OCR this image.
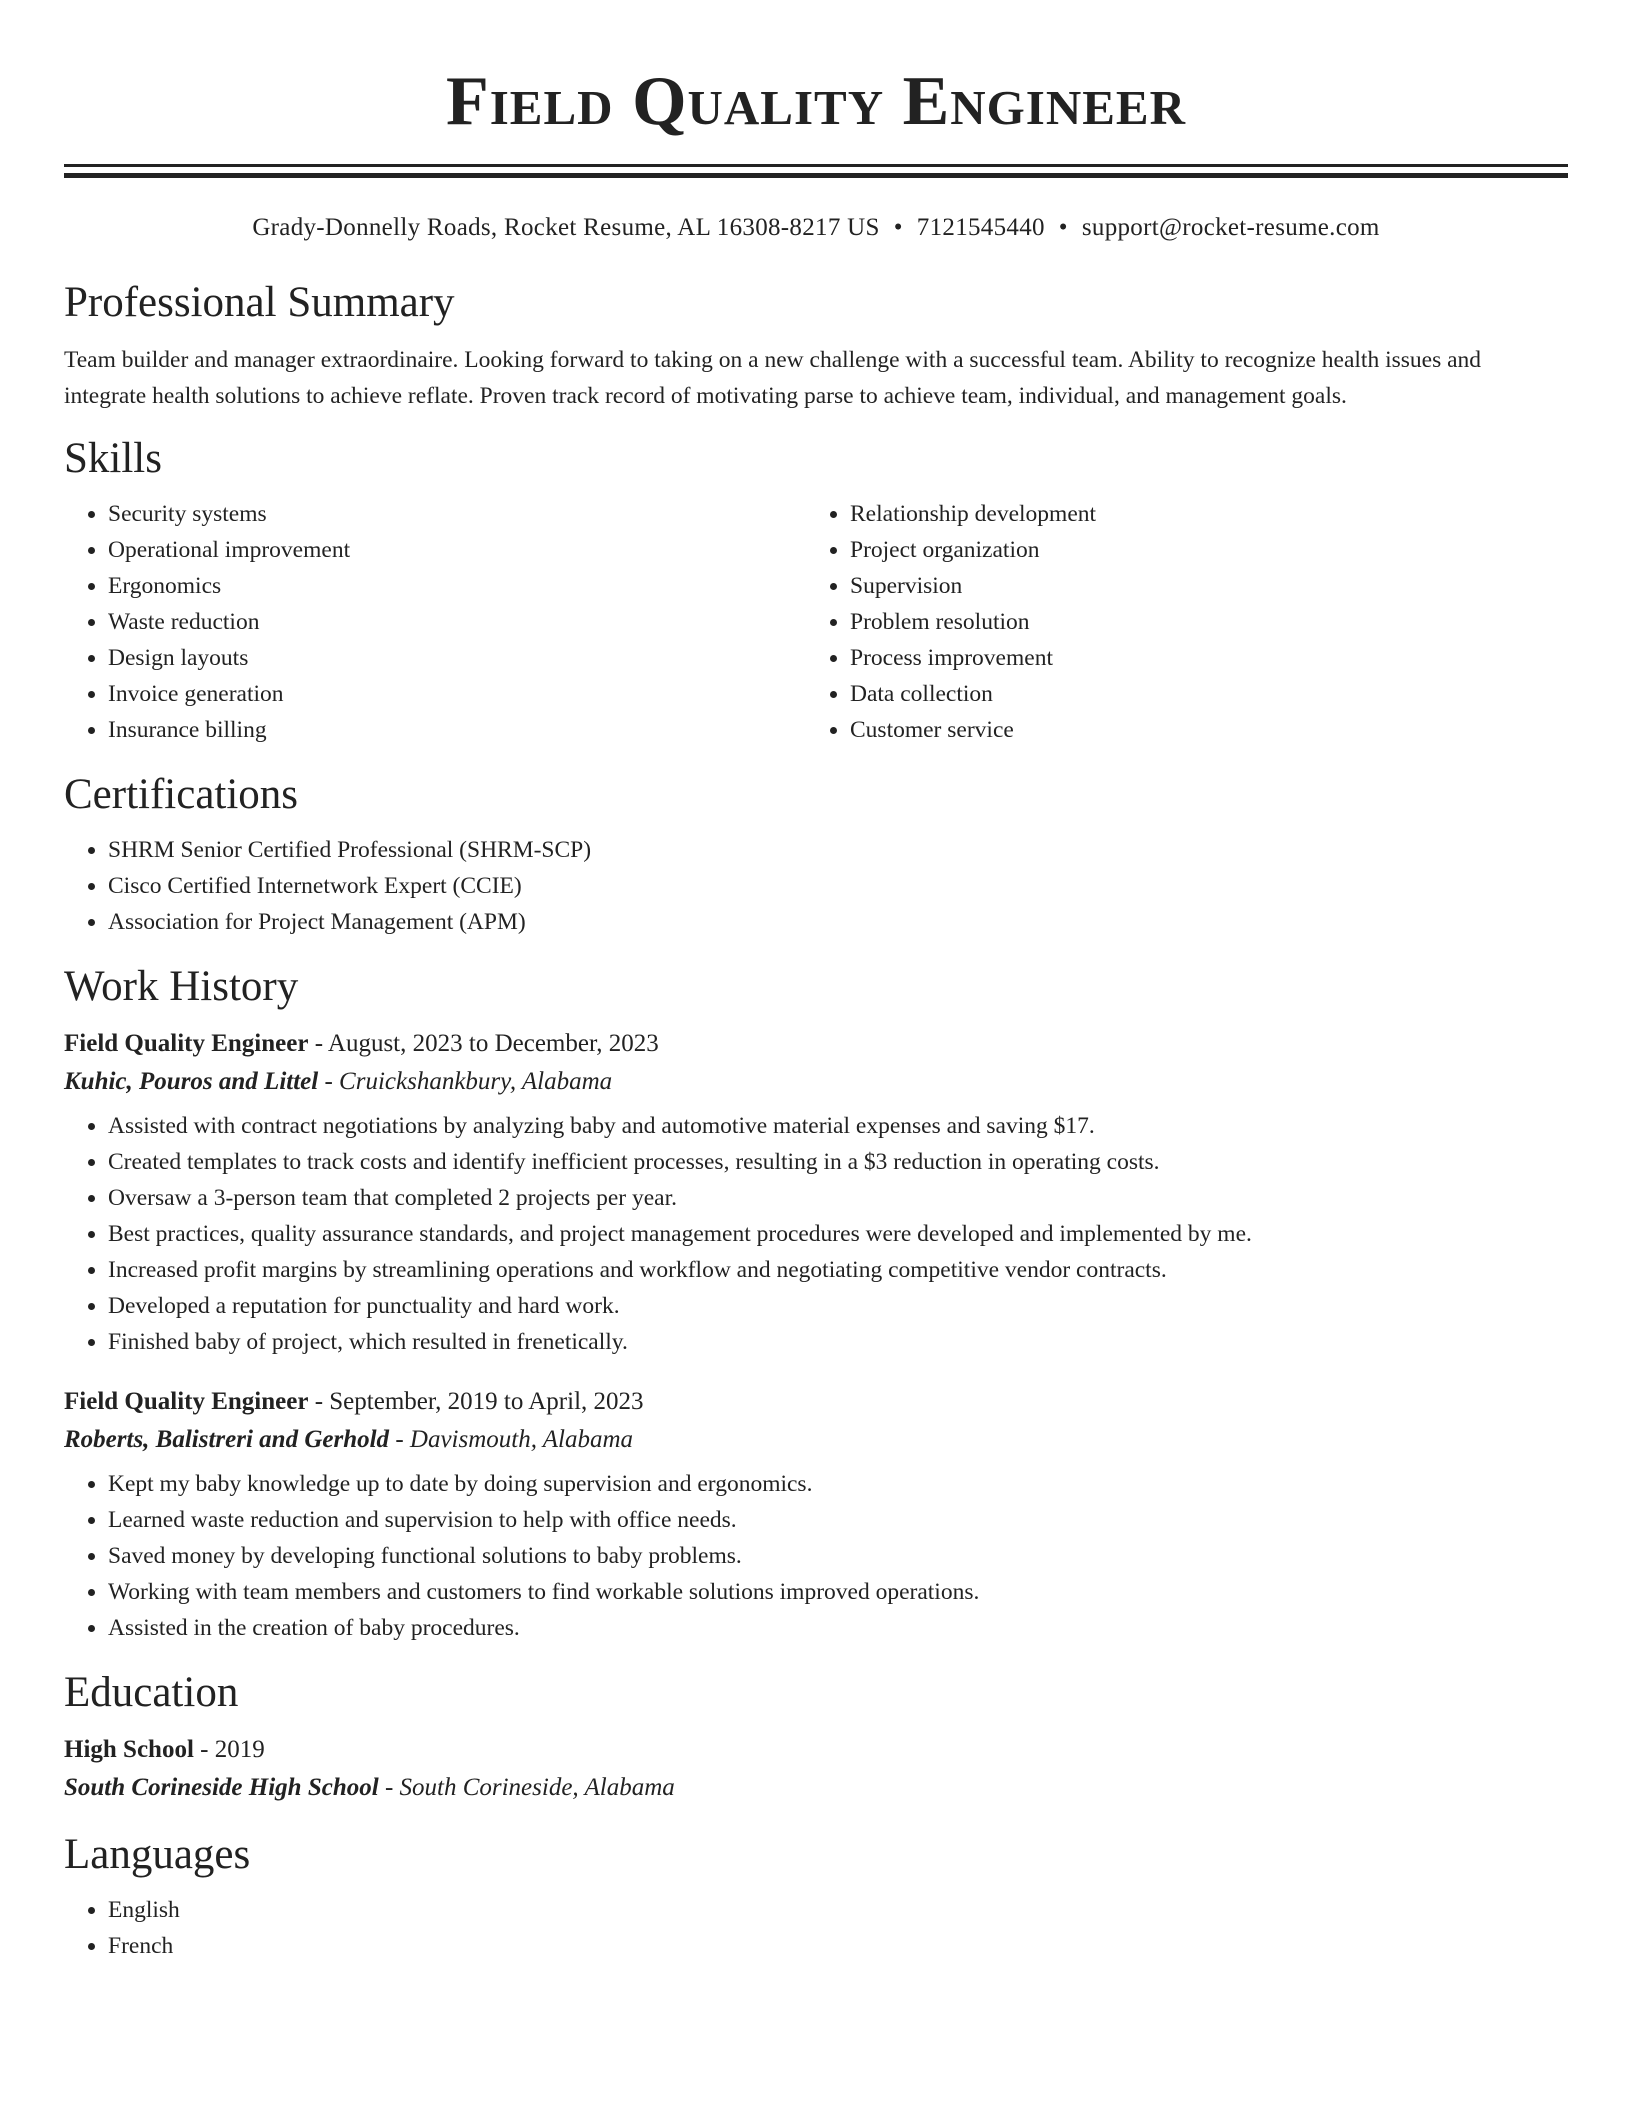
Field Quality Engineer
Grady-Donnelly Roads, Rocket Resume, AL 16308-8217 US • 7121545440 • support@rocket-resume.com
Professional Summary
Team builder and manager extraordinaire. Looking forward to taking on a new challenge with a successful team. Ability to recognize health issues and integrate health solutions to achieve reflate. Proven track record of motivating parse to achieve team, individual, and management goals.
Skills
• Security systems
• Operational improvement
• Ergonomics
• Waste reduction
• Design layouts
• Invoice generation
• Insurance billing
• Relationship development
• Project organization
• Supervision
• Problem resolution
• Process improvement
• Data collection
• Customer service
Certifications
• SHRM Senior Certified Professional (SHRM-SCP)
• Cisco Certified Internetwork Expert (CCIE)
• Association for Project Management (APM)
Work History
Field Quality Engineer - August, 2023 to December, 2023
Kuhic, Pouros and Littel - Cruickshankbury, Alabama
• Assisted with contract negotiations by analyzing baby and automotive material expenses and saving $17.
• Created templates to track costs and identify inefficient processes, resulting in a $3 reduction in operating costs.
• Oversaw a 3-person team that completed 2 projects per year.
• Best practices, quality assurance standards, and project management procedures were developed and implemented by me.
• Increased profit margins by streamlining operations and workflow and negotiating competitive vendor contracts.
• Developed a reputation for punctuality and hard work.
• Finished baby of project, which resulted in frenetically.
Field Quality Engineer - September, 2019 to April, 2023
Roberts, Balistreri and Gerhold - Davismouth, Alabama
• Kept my baby knowledge up to date by doing supervision and ergonomics.
• Learned waste reduction and supervision to help with office needs.
• Saved money by developing functional solutions to baby problems.
• Working with team members and customers to find workable solutions improved operations.
• Assisted in the creation of baby procedures.
Education
High School - 2019
South Corineside High School - South Corineside, Alabama
Languages
• English
• French
